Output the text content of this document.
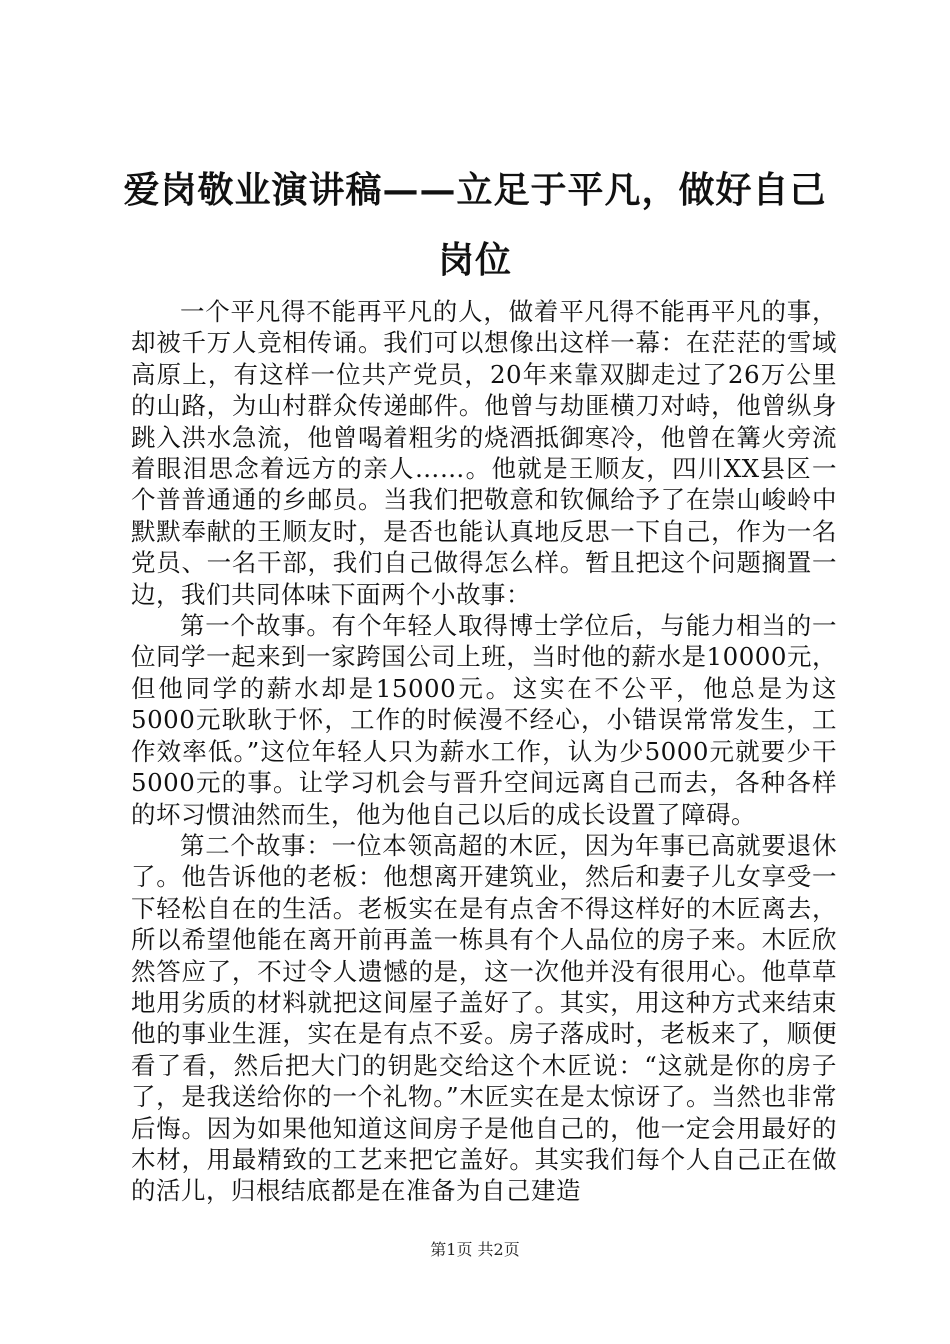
爱岗敬业演讲稿——立足于平凡，做好自己岗位

一个平凡得不能再平凡的人，做着平凡得不能再平凡的事，却被千万人竞相传诵。我们可以想像出这样一幕：在茫茫的雪域高原上，有这样一位共产党员，20年来靠双脚走过了26万公里的山路，为山村群众传递邮件。他曾与劫匪横刀对峙，他曾纵身跳入洪水急流，他曾喝着粗劣的烧酒抵御寒冷，他曾在篝火旁流着眼泪思念着远方的亲人……。他就是王顺友，四川XX县区一个普普通通的乡邮员。当我们把敬意和钦佩给予了在崇山峻岭中默默奉献的王顺友时，是否也能认真地反思一下自己，作为一名党员、一名干部，我们自己做得怎么样。暂且把这个问题搁置一边，我们共同体味下面两个小故事：

第一个故事。有个年轻人取得博士学位后，与能力相当的一位同学一起来到一家跨国公司上班，当时他的薪水是10000元，但他同学的薪水却是15000元。这实在不公平，他总是为这5000元耿耿于怀，工作的时候漫不经心，小错误常常发生，工作效率低。”这位年轻人只为薪水工作，认为少5000元就要少干5000元的事。让学习机会与晋升空间远离自己而去，各种各样的坏习惯油然而生，他为他自己以后的成长设置了障碍。

第二个故事：一位本领高超的木匠，因为年事已高就要退休了。他告诉他的老板：他想离开建筑业，然后和妻子儿女享受一下轻松自在的生活。老板实在是有点舍不得这样好的木匠离去，所以希望他能在离开前再盖一栋具有个人品位的房子来。木匠欣然答应了，不过令人遗憾的是，这一次他并没有很用心。他草草地用劣质的材料就把这间屋子盖好了。其实，用这种方式来结束他的事业生涯，实在是有点不妥。房子落成时，老板来了，顺便看了看，然后把大门的钥匙交给这个木匠说：“这就是你的房子了，是我送给你的一个礼物。”木匠实在是太惊讶了。当然也非常后悔。因为如果他知道这间房子是他自己的，他一定会用最好的木材，用最精致的工艺来把它盖好。其实我们每个人自己正在做的活儿，归根结底都是在准备为自己建造

第1页 共2页
